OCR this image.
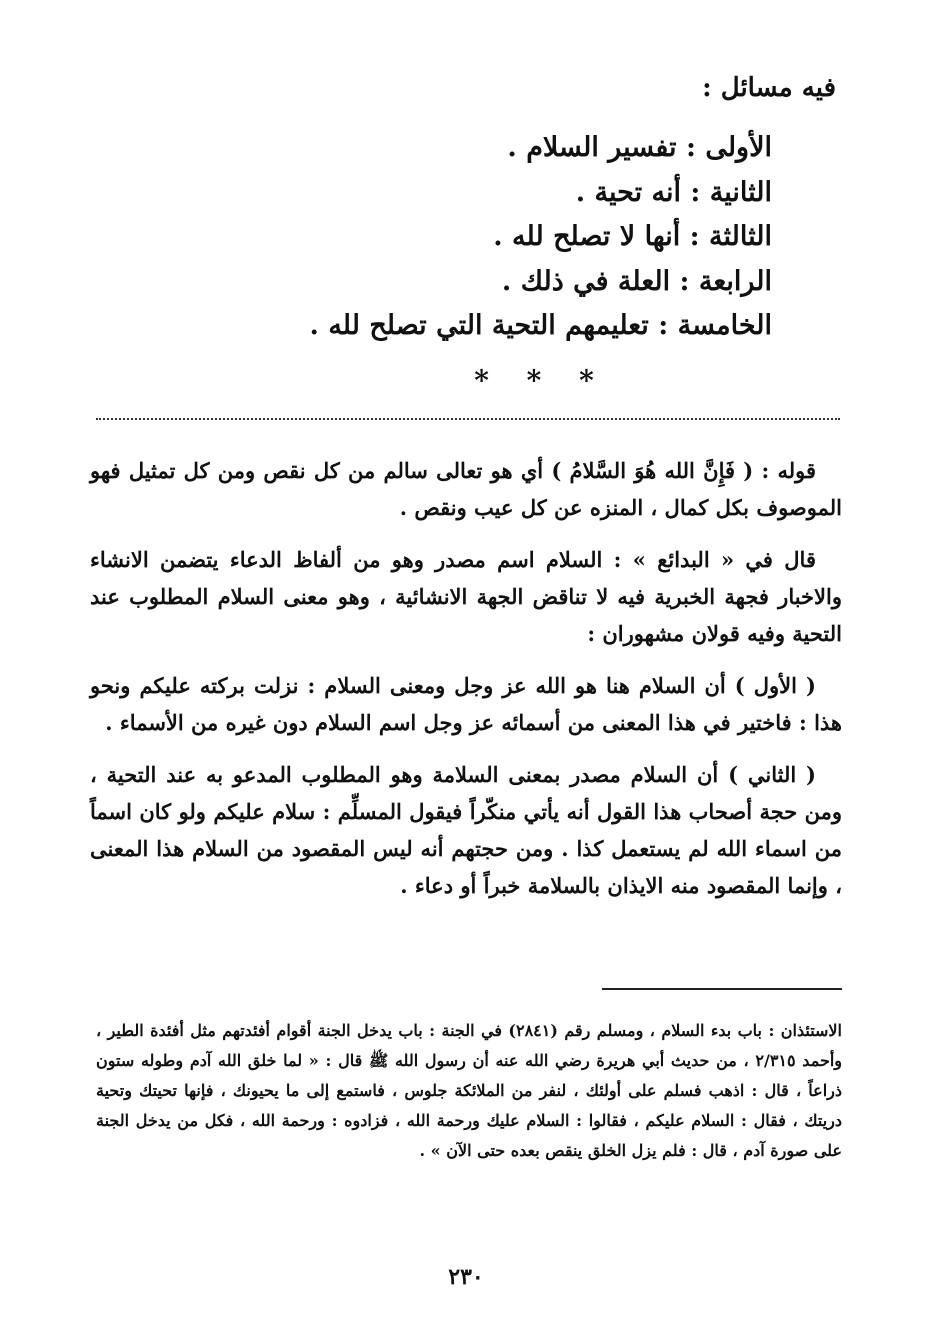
فيه مسائل :
الأولى : تفسير السلام .
الثانية : أنه تحية .
الثالثة : أنها لا تصلح لله .
الرابعة : العلة في ذلك .
الخامسة : تعليمهم التحية التي تصلح لله .
* * *

قوله : ( فَإِنَّ الله هُوَ السَّلامُ ) أي هو تعالى سالم من كل نقص ومن كل تمثيل فهو الموصوف بكل كمال ، المنزه عن كل عيب ونقص .

قال في « البدائع » : السلام اسم مصدر وهو من ألفاظ الدعاء يتضمن الانشاء والاخبار فجهة الخبرية فيه لا تناقض الجهة الانشائية ، وهو معنى السلام المطلوب عند التحية وفيه قولان مشهوران :

( الأول ) أن السلام هنا هو الله عز وجل ومعنى السلام : نزلت بركته عليكم ونحو هذا : فاختير في هذا المعنى من أسمائه عز وجل اسم السلام دون غيره من الأسماء .

( الثاني ) أن السلام مصدر بمعنى السلامة وهو المطلوب المدعو به عند التحية ، ومن حجة أصحاب هذا القول أنه يأتي منكّراً فيقول المسلِّم : سلام عليكم ولو كان اسماً من اسماء الله لم يستعمل كذا . ومن حجتهم أنه ليس المقصود من السلام هذا المعنى ، وإنما المقصود منه الايذان بالسلامة خبراً أو دعاء .

الاستئذان : باب بدء السلام ، ومسلم رقم (٢٨٤١) في الجنة : باب يدخل الجنة أقوام أفئدتهم مثل أفئدة الطير ، وأحمد ٢/٣١٥ ، من حديث أبي هريرة رضي الله عنه أن رسول الله ﷺ قال : « لما خلق الله آدم وطوله ستون ذراعاً ، قال : اذهب فسلم على أولئك ، لنفر من الملائكة جلوس ، فاستمع إلى ما يحيونك ، فإنها تحيتك وتحية دريتك ، فقال : السلام عليكم ، فقالوا : السلام عليك ورحمة الله ، فزادوه : ورحمة الله ، فكل من يدخل الجنة على صورة آدم ، قال : فلم يزل الخلق ينقص بعده حتى الآن » .
٢٣٠
